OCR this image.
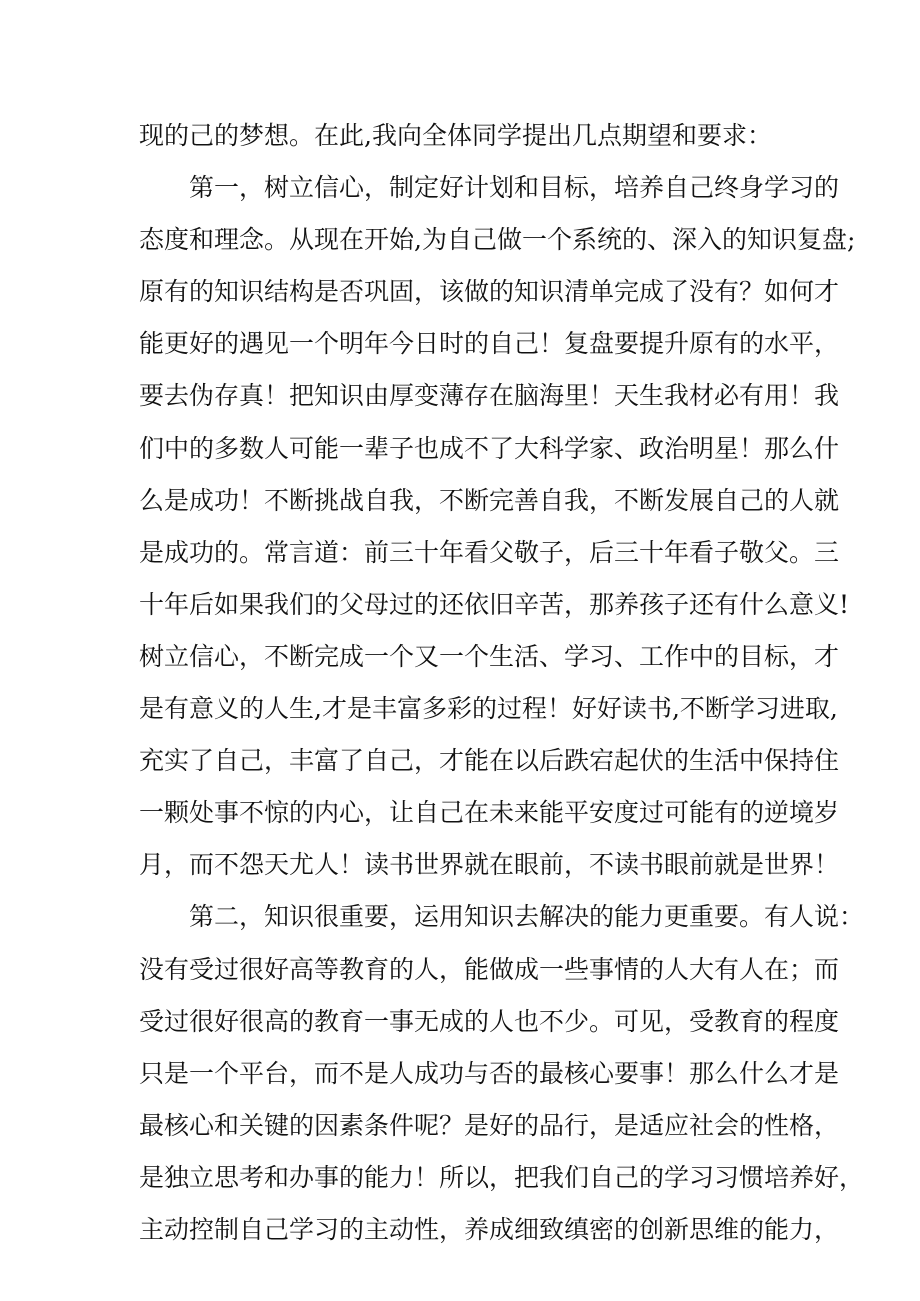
现的己的梦想。在此,我向全体同学提出几点期望和要求：
第一，树立信心，制定好计划和目标，培养自己终身学习的
态度和理念。从现在开始,为自己做一个系统的、深入的知识复盘;
原有的知识结构是否巩固，该做的知识清单完成了没有？如何才
能更好的遇见一个明年今日时的自己！复盘要提升原有的水平，
要去伪存真！把知识由厚变薄存在脑海里！天生我材必有用！我
们中的多数人可能一辈子也成不了大科学家、政治明星！那么什
么是成功！不断挑战自我，不断完善自我，不断发展自己的人就
是成功的。常言道：前三十年看父敬子，后三十年看子敬父。三
十年后如果我们的父母过的还依旧辛苦，那养孩子还有什么意义!
树立信心，不断完成一个又一个生活、学习、工作中的目标，才
是有意义的人生,才是丰富多彩的过程！好好读书,不断学习进取,
充实了自己，丰富了自己，才能在以后跌宕起伏的生活中保持住
一颗处事不惊的内心，让自己在未来能平安度过可能有的逆境岁
月，而不怨天尤人！读书世界就在眼前，不读书眼前就是世界！
第二，知识很重要，运用知识去解决的能力更重要。有人说：
没有受过很好高等教育的人，能做成一些事情的人大有人在；而
受过很好很高的教育一事无成的人也不少。可见，受教育的程度
只是一个平台，而不是人成功与否的最核心要事！那么什么才是
最核心和关键的因素条件呢？是好的品行，是适应社会的性格，
是独立思考和办事的能力！所以，把我们自己的学习习惯培养好，
主动控制自己学习的主动性，养成细致缜密的创新思维的能力，
